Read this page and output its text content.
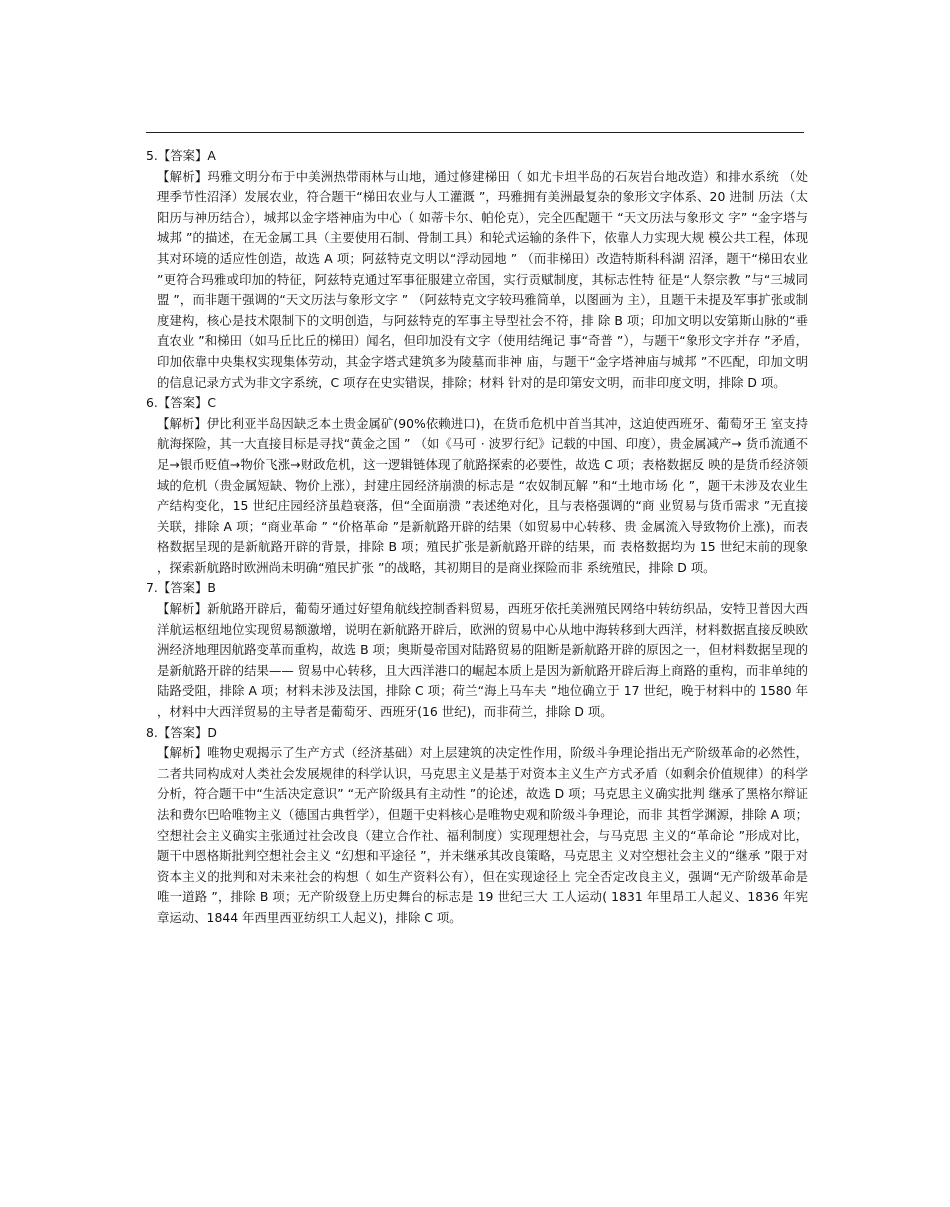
5.【答案】A

【解析】玛雅文明分布于中美洲热带雨林与山地，通过修建梯田（ 如尤卡坦半岛的石灰岩台地改造）和排水系统 （处理季节性沼泽）发展农业，符合题干“梯田农业与人工灌溉 ”，玛雅拥有美洲最复杂的象形文字体系、20 进制 历法（太阳历与神历结合），城邦以金字塔神庙为中心（ 如蒂卡尔、帕伦克），完全匹配题干 “天文历法与象形文 字” “金字塔与城邦 ”的描述，在无金属工具（主要使用石制、骨制工具）和轮式运输的条件下，依靠人力实现大规 模公共工程，体现其对环境的适应性创造，故选 A 项；阿兹特克文明以“浮动园地 ” （而非梯田）改造特斯科科湖 沼泽，题干“梯田农业 ”更符合玛雅或印加的特征，阿兹特克通过军事征服建立帝国，实行贡赋制度，其标志性特 征是“人祭宗教 ”与“三城同盟 ”，而非题干强调的“天文历法与象形文字 ” （阿兹特克文字较玛雅简单，以图画为 主），且题干未提及军事扩张或制度建构，核心是技术限制下的文明创造，与阿兹特克的军事主导型社会不符，排 除 B 项；印加文明以安第斯山脉的“垂直农业 ”和梯田（如马丘比丘的梯田）闻名，但印加没有文字（使用结绳记 事“奇普 ”），与题干“象形文字并存 ”矛盾，印加依靠中央集权实现集体劳动，其金字塔式建筑多为陵墓而非神 庙，与题干“金字塔神庙与城邦 ”不匹配，印加文明的信息记录方式为非文字系统，C 项存在史实错误，排除；材料 针对的是印第安文明，而非印度文明，排除 D 项。

6.【答案】C

【解析】伊比利亚半岛因缺乏本土贵金属矿(90%依赖进口)，在货币危机中首当其冲，这迫使西班牙、葡萄牙王 室支持航海探险，其一大直接目标是寻找“黄金之国 ” （如《马可 · 波罗行纪》记载的中国、印度），贵金属减产→ 货币流通不足→银币贬值→物价飞涨→财政危机，这一逻辑链体现了航路探索的必要性，故选 C 项；表格数据反 映的是货币经济领域的危机（贵金属短缺、物价上涨），封建庄园经济崩溃的标志是 “农奴制瓦解 ”和“土地市场 化 ”，题干未涉及农业生产结构变化，15 世纪庄园经济虽趋衰落，但“全面崩溃 ”表述绝对化，且与表格强调的“商 业贸易与货币需求 ”无直接关联，排除 A 项；“商业革命 ” “价格革命 ”是新航路开辟的结果（如贸易中心转移、贵 金属流入导致物价上涨)，而表格数据呈现的是新航路开辟的背景，排除 B 项；殖民扩张是新航路开辟的结果，而 表格数据均为 15 世纪末前的现象，探索新航路时欧洲尚未明确“殖民扩张 ”的战略，其初期目的是商业探险而非 系统殖民，排除 D 项。

7.【答案】B

【解析】新航路开辟后，葡萄牙通过好望角航线控制香料贸易，西班牙依托美洲殖民网络中转纺织品，安特卫普因大西洋航运枢纽地位实现贸易额激增，说明在新航路开辟后，欧洲的贸易中心从地中海转移到大西洋，材料数据直接反映欧洲经济地理因航路变革而重构，故选 B 项；奥斯曼帝国对陆路贸易的阻断是新航路开辟的原因之一，但材料数据呈现的是新航路开辟的结果—— 贸易中心转移，且大西洋港口的崛起本质上是因为新航路开辟后海上商路的重构，而非单纯的陆路受阻，排除 A 项；材料未涉及法国，排除 C 项；荷兰“海上马车夫 ”地位确立于 17 世纪，晚于材料中的 1580 年，材料中大西洋贸易的主导者是葡萄牙、西班牙(16 世纪)，而非荷兰，排除 D 项。

8.【答案】D

【解析】唯物史观揭示了生产方式（经济基础）对上层建筑的决定性作用，阶级斗争理论指出无产阶级革命的必然性，二者共同构成对人类社会发展规律的科学认识，马克思主义是基于对资本主义生产方式矛盾（如剩余价值规律）的科学分析，符合题干中“生活决定意识” “无产阶级具有主动性 ”的论述，故选 D 项；马克思主义确实批判 继承了黑格尔辩证法和费尔巴哈唯物主义（德国古典哲学），但题干史料核心是唯物史观和阶级斗争理论，而非 其哲学渊源，排除 A 项；空想社会主义确实主张通过社会改良（建立合作社、福利制度）实现理想社会，与马克思 主义的“革命论 ”形成对比，题干中恩格斯批判空想社会主义 “幻想和平途径 ”，并未继承其改良策略，马克思主 义对空想社会主义的“继承 ”限于对资本主义的批判和对未来社会的构想（ 如生产资料公有），但在实现途径上 完全否定改良主义，强调“无产阶级革命是唯一道路 ”，排除 B 项；无产阶级登上历史舞台的标志是 19 世纪三大 工人运动( 1831 年里昂工人起义、1836 年宪章运动、1844 年西里西亚纺织工人起义)，排除 C 项。
